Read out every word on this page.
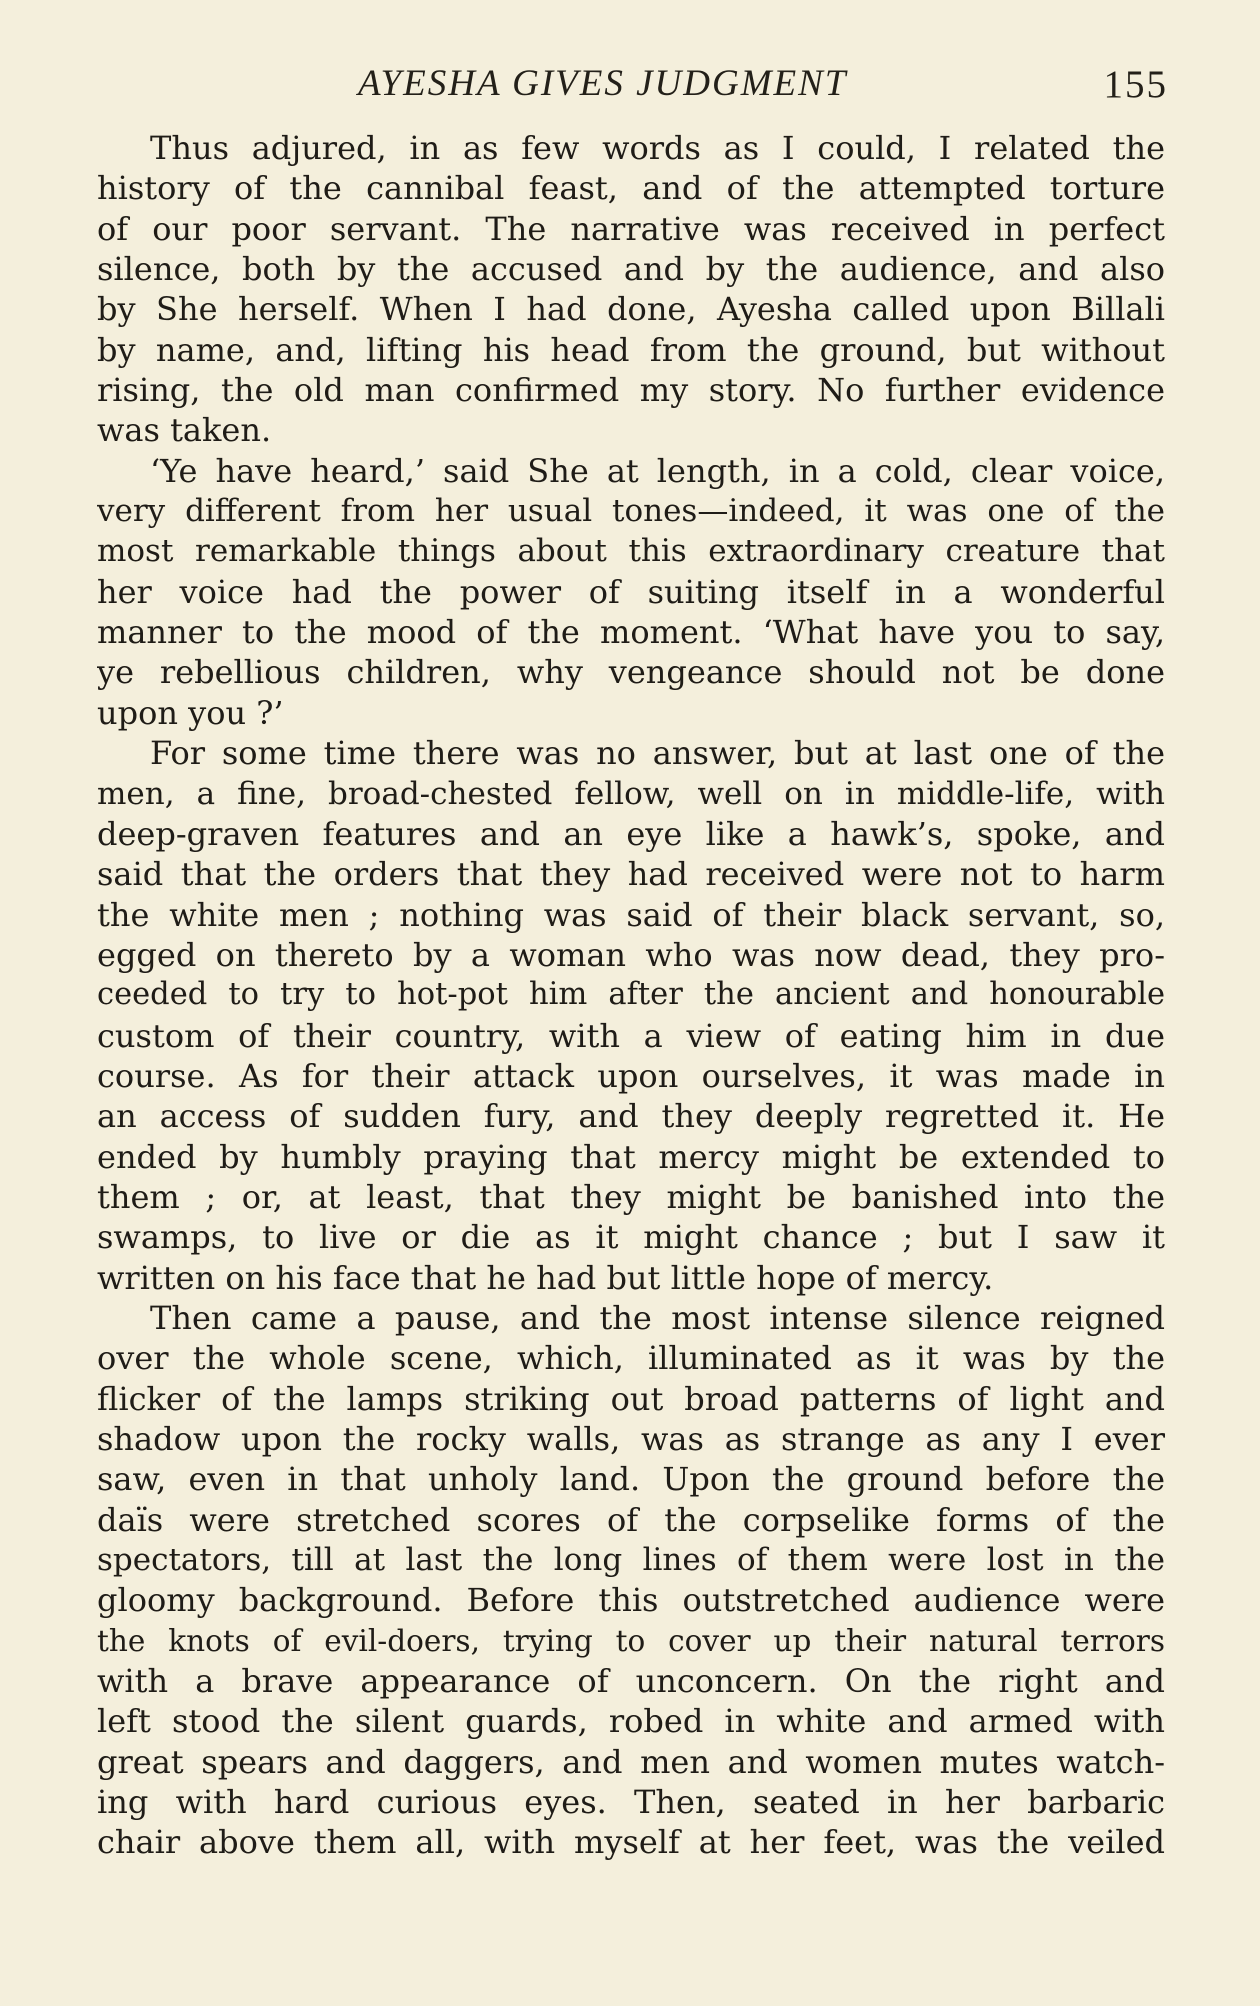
AYESHA GIVES JUDGMENT	155
Thus adjured, in as few words as I could, I related the
history of the cannibal feast, and of the attempted torture
of our poor servant. The narrative was received in perfect
silence, both by the accused and by the audience, and also
by She herself. When I had done, Ayesha called upon Billali
by name, and, lifting his head from the ground, but without
rising, the old man confirmed my story. No further evidence
was taken.
‘Ye have heard,’ said She at length, in a cold, clear voice,
very different from her usual tones—indeed, it was one of the
most remarkable things about this extraordinary creature that
her voice had the power of suiting itself in a wonderful
manner to the mood of the moment. ‘What have you to say,
ye rebellious children, why vengeance should not be done
upon you ?’
For some time there was no answer, but at last one of the
men, a fine, broad-chested fellow, well on in middle-life, with
deep-graven features and an eye like a hawk’s, spoke, and
said that the orders that they had received were not to harm
the white men ; nothing was said of their black servant, so,
egged on thereto by a woman who was now dead, they pro-
ceeded to try to hot-pot him after the ancient and honourable
custom of their country, with a view of eating him in due
course. As for their attack upon ourselves, it was made in
an access of sudden fury, and they deeply regretted it. He
ended by humbly praying that mercy might be extended to
them ; or, at least, that they might be banished into the
swamps, to live or die as it might chance ; but I saw it
written on his face that he had but little hope of mercy.
Then came a pause, and the most intense silence reigned
over the whole scene, which, illuminated as it was by the
flicker of the lamps striking out broad patterns of light and
shadow upon the rocky walls, was as strange as any I ever
saw, even in that unholy land. Upon the ground before the
daïs were stretched scores of the corpselike forms of the
spectators, till at last the long lines of them were lost in the
gloomy background. Before this outstretched audience were
the knots of evil-doers, trying to cover up their natural terrors
with a brave appearance of unconcern. On the right and
left stood the silent guards, robed in white and armed with
great spears and daggers, and men and women mutes watch-
ing with hard curious eyes. Then, seated in her barbaric
chair above them all, with myself at her feet, was the veiled
